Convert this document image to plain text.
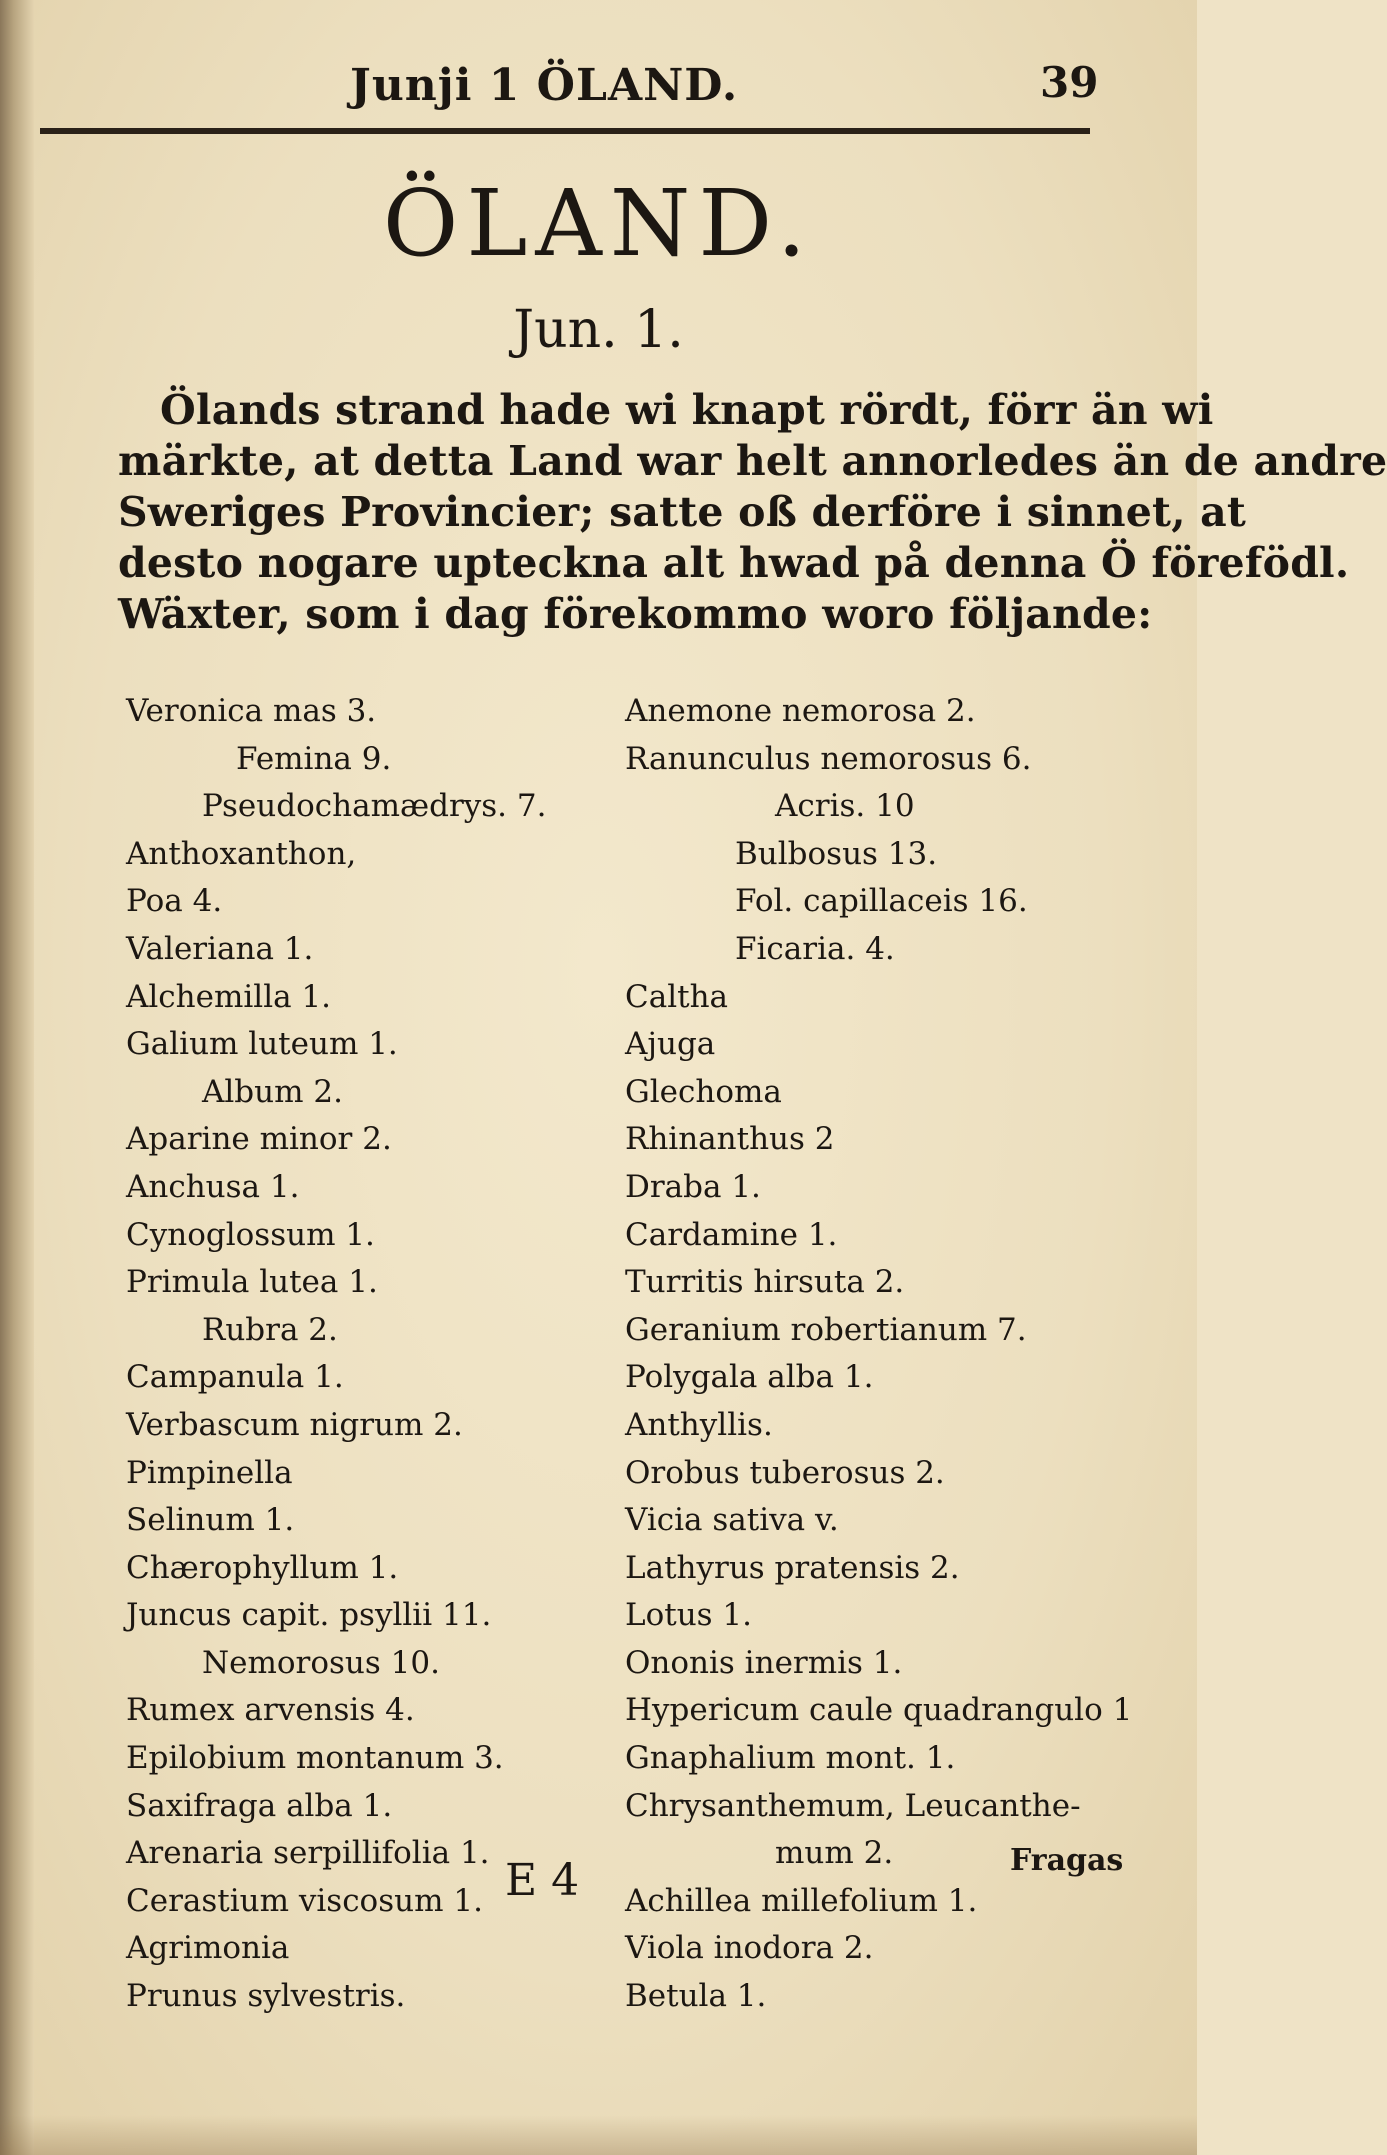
Junji 1 ÖLAND.	39
ÖLAND.
Jun. 1.
Ölands strand hade wi knapt rördt, förr än wi
märkte, at detta Land war helt annorledes än de andre
Sweriges Provincier; satte oß derföre i sinnet, at
desto nogare upteckna alt hwad på denna Ö förefödl.
Wäxter, som i dag förekommo woro följande:
Veronica mas 3.
Femina 9.
Pseudochamædrys. 7.
Anthoxanthon,
Poa 4.
Valeriana 1.
Alchemilla 1.
Galium luteum 1.
Album 2.
Aparine minor 2.
Anchusa 1.
Cynoglossum 1.
Primula lutea 1.
Rubra 2.
Campanula 1.
Verbascum nigrum 2.
Pimpinella
Selinum 1.
Chærophyllum 1.
Juncus capit. psyllii 11.
Nemorosus 10.
Rumex arvensis 4.
Epilobium montanum 3.
Saxifraga alba 1.
Arenaria serpillifolia 1.
Cerastium viscosum 1.
Agrimonia
Prunus sylvestris.
Anemone nemorosa 2.
Ranunculus nemorosus 6.
Acris. 10
Bulbosus 13.
Fol. capillaceis 16.
Ficaria. 4.
Caltha
Ajuga
Glechoma
Rhinanthus 2
Draba 1.
Cardamine 1.
Turritis hirsuta 2.
Geranium robertianum 7.
Polygala alba 1.
Anthyllis.
Orobus tuberosus 2.
Vicia sativa v.
Lathyrus pratensis 2.
Lotus 1.
Ononis inermis 1.
Hypericum caule quadrangulo 1
Gnaphalium mont. 1.
Chrysanthemum, Leucanthe-
mum 2.
Achillea millefolium 1.
Viola inodora 2.
Betula 1.
E 4	Fragas
